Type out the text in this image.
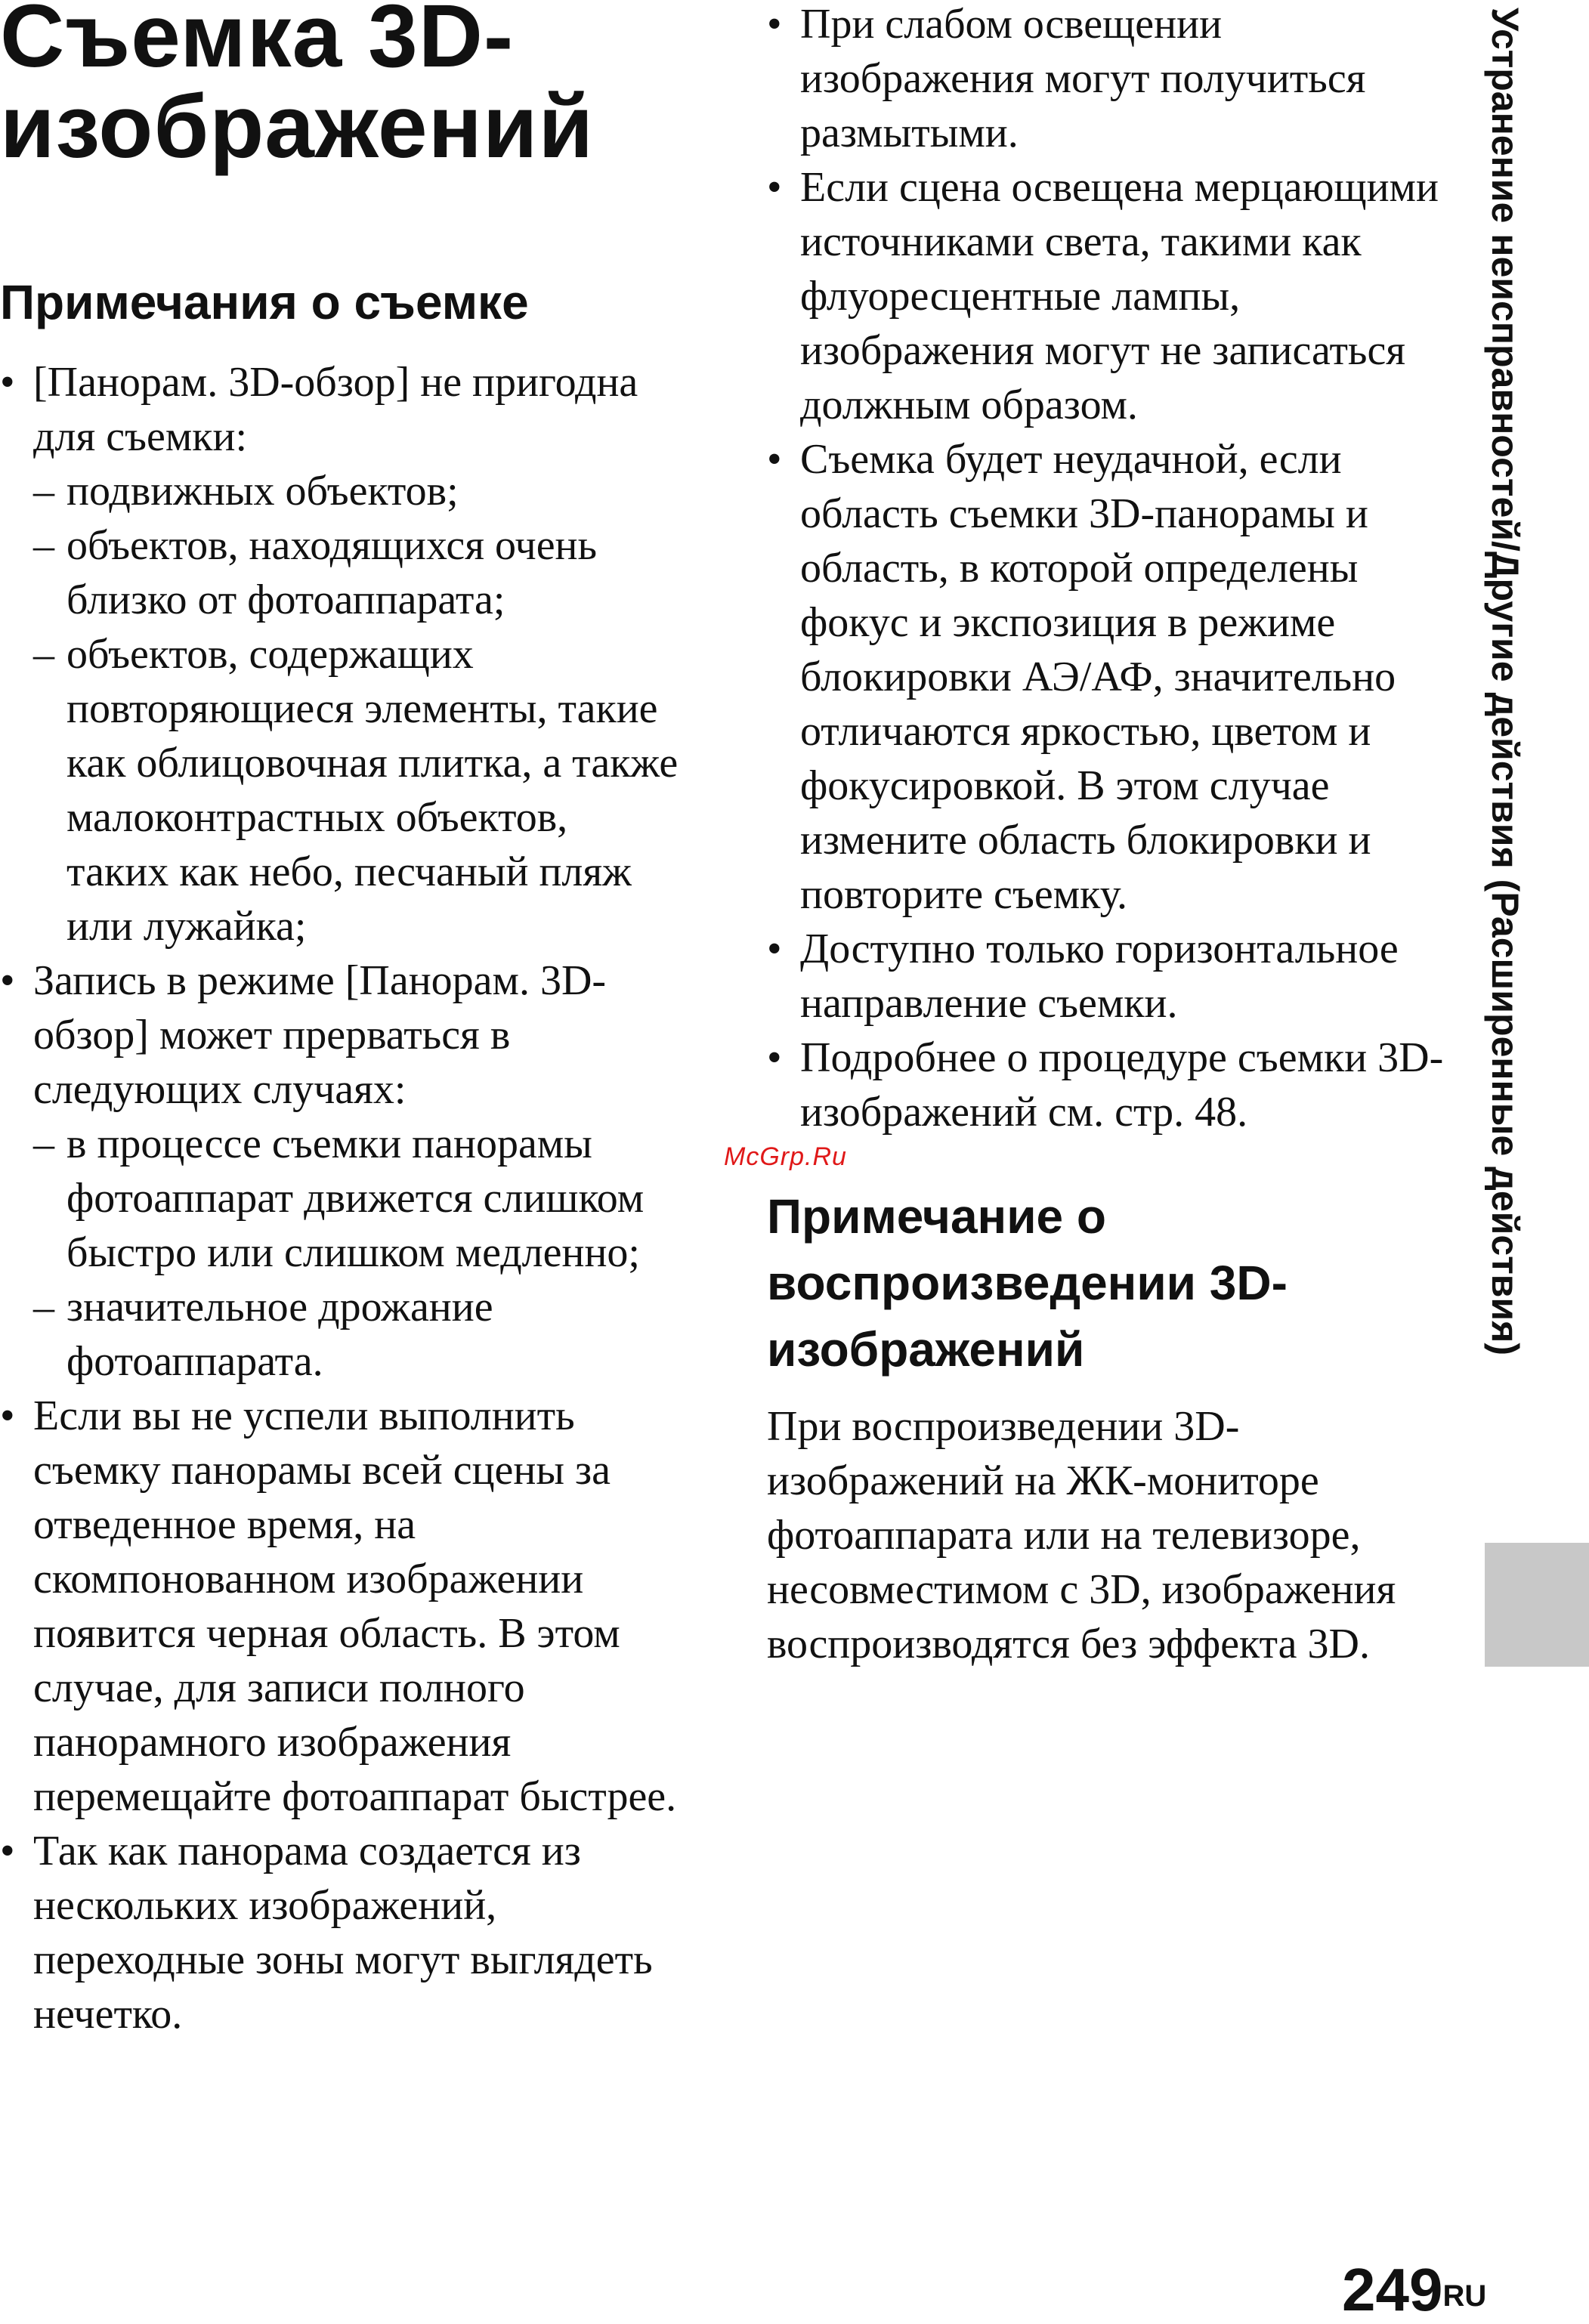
Съемка 3D-
изображений
Примечания о съемке
• [Панорам. 3D-обзор] не пригодна для съемки:
– подвижных объектов;
– объектов, находящихся очень близко от фотоаппарата;
– объектов, содержащих повторяющиеся элементы, такие как облицовочная плитка, а также малоконтрастных объектов, таких как небо, песчаный пляж или лужайка;
• Запись в режиме [Панорам. 3D-обзор] может прерваться в следующих случаях:
– в процессе съемки панорамы фотоаппарат движется слишком быстро или слишком медленно;
– значительное дрожание фотоаппарата.
• Если вы не успели выполнить съемку панорамы всей сцены за отведенное время, на скомпонованном изображении появится черная область. В этом случае, для записи полного панорамного изображения перемещайте фотоаппарат быстрее.
• Так как панорама создается из нескольких изображений, переходные зоны могут выглядеть нечетко.
• При слабом освещении изображения могут получиться размытыми.
• Если сцена освещена мерцающими источниками света, такими как флуоресцентные лампы, изображения могут не записаться должным образом.
• Съемка будет неудачной, если область съемки 3D-панорамы и область, в которой определены фокус и экспозиция в режиме блокировки АЭ/АФ, значительно отличаются яркостью, цветом и фокусировкой. В этом случае измените область блокировки и повторите съемку.
• Доступно только горизонтальное направление съемки.
• Подробнее о процедуре съемки 3D-изображений см. стр. 48.
Примечание о воспроизведении 3D-изображений

При воспроизведении 3D-изображений на ЖК-мониторе фотоаппарата или на телевизоре, несовместимом с 3D, изображения воспроизводятся без эффекта 3D.

McGrp.Ru	Устранение неисправностей/Другие действия (Расширенные действия)
$249^{RU}$
